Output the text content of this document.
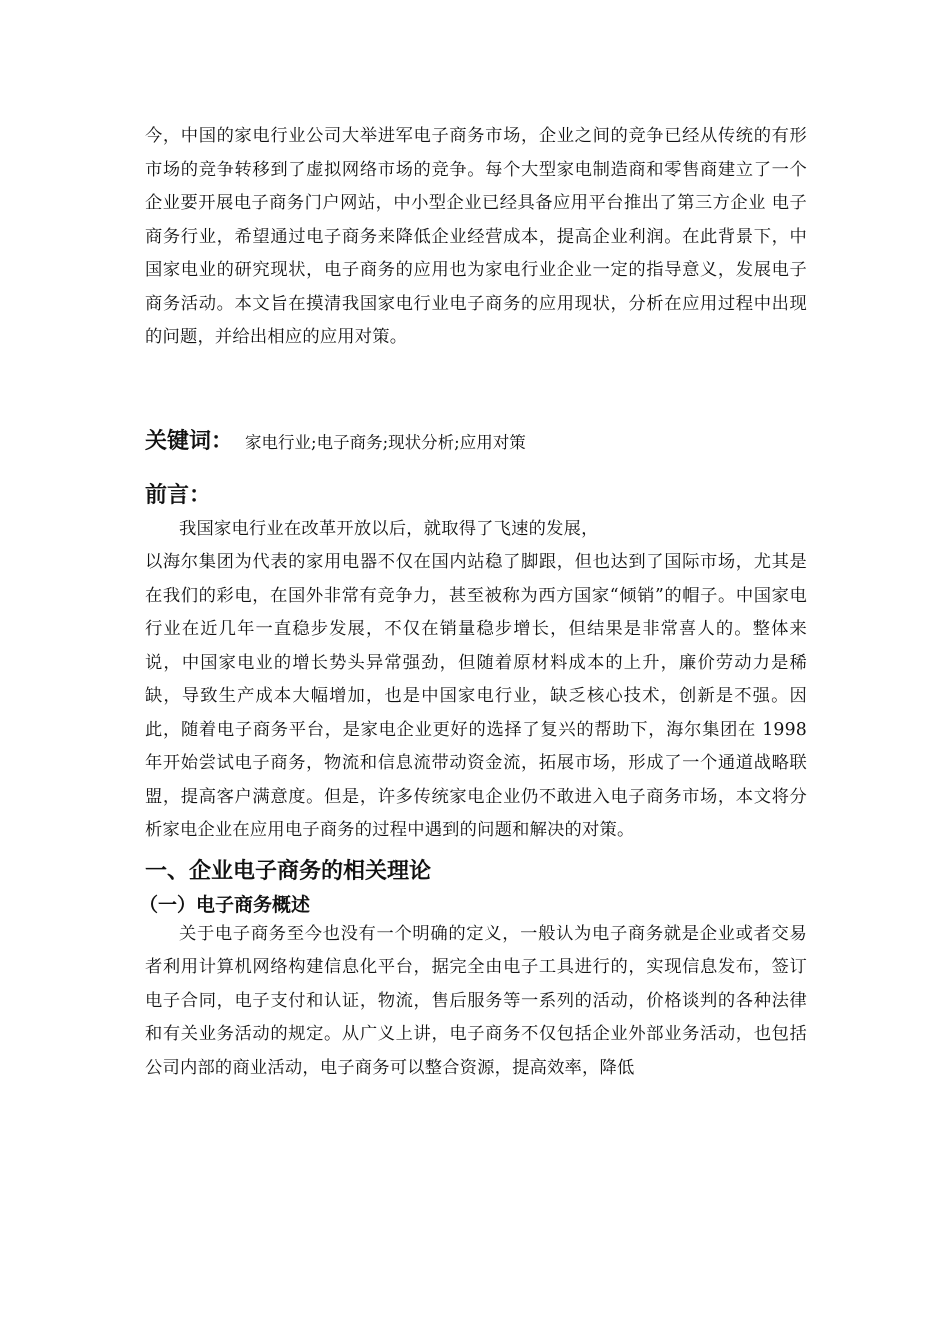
今，中国的家电行业公司大举进军电子商务市场，企业之间的竞争已经从传统的有形市场的竞争转移到了虚拟网络市场的竞争。每个大型家电制造商和零售商建立了一个企业要开展电子商务门户网站，中小型企业已经具备应用平台推出了第三方企业 电子商务行业，希望通过电子商务来降低企业经营成本，提高企业利润。在此背景下，中国家电业的研究现状，电子商务的应用也为家电行业企业一定的指导意义，发展电子商务活动。本文旨在摸清我国家电行业电子商务的应用现状，分析在应用过程中出现的问题，并给出相应的应用对策。

关键词： 家电行业;电子商务;现状分析;应用对策
前言：

我国家电行业在改革开放以后，就取得了飞速的发展，

以海尔集团为代表的家用电器不仅在国内站稳了脚跟，但也达到了国际市场，尤其是在我们的彩电，在国外非常有竞争力，甚至被称为西方国家“倾销”的帽子。中国家电行业在近几年一直稳步发展，不仅在销量稳步增长，但结果是非常喜人的。整体来说，中国家电业的增长势头异常强劲，但随着原材料成本的上升，廉价劳动力是稀缺，导致生产成本大幅增加，也是中国家电行业，缺乏核心技术，创新是不强。因此，随着电子商务平台，是家电企业更好的选择了复兴的帮助下，海尔集团在 1998 年开始尝试电子商务，物流和信息流带动资金流，拓展市场，形成了一个通道战略联盟，提高客户满意度。但是，许多传统家电企业仍不敢进入电子商务市场，本文将分析家电企业在应用电子商务的过程中遇到的问题和解决的对策。

一、企业电子商务的相关理论
（一）电子商务概述

关于电子商务至今也没有一个明确的定义，一般认为电子商务就是企业或者交易者利用计算机网络构建信息化平台，据完全由电子工具进行的，实现信息发布，签订电子合同，电子支付和认证，物流，售后服务等一系列的活动，价格谈判的各种法律和有关业务活动的规定。从广义上讲，电子商务不仅包括企业外部业务活动，也包括公司内部的商业活动，电子商务可以整合资源，提高效率，降低
